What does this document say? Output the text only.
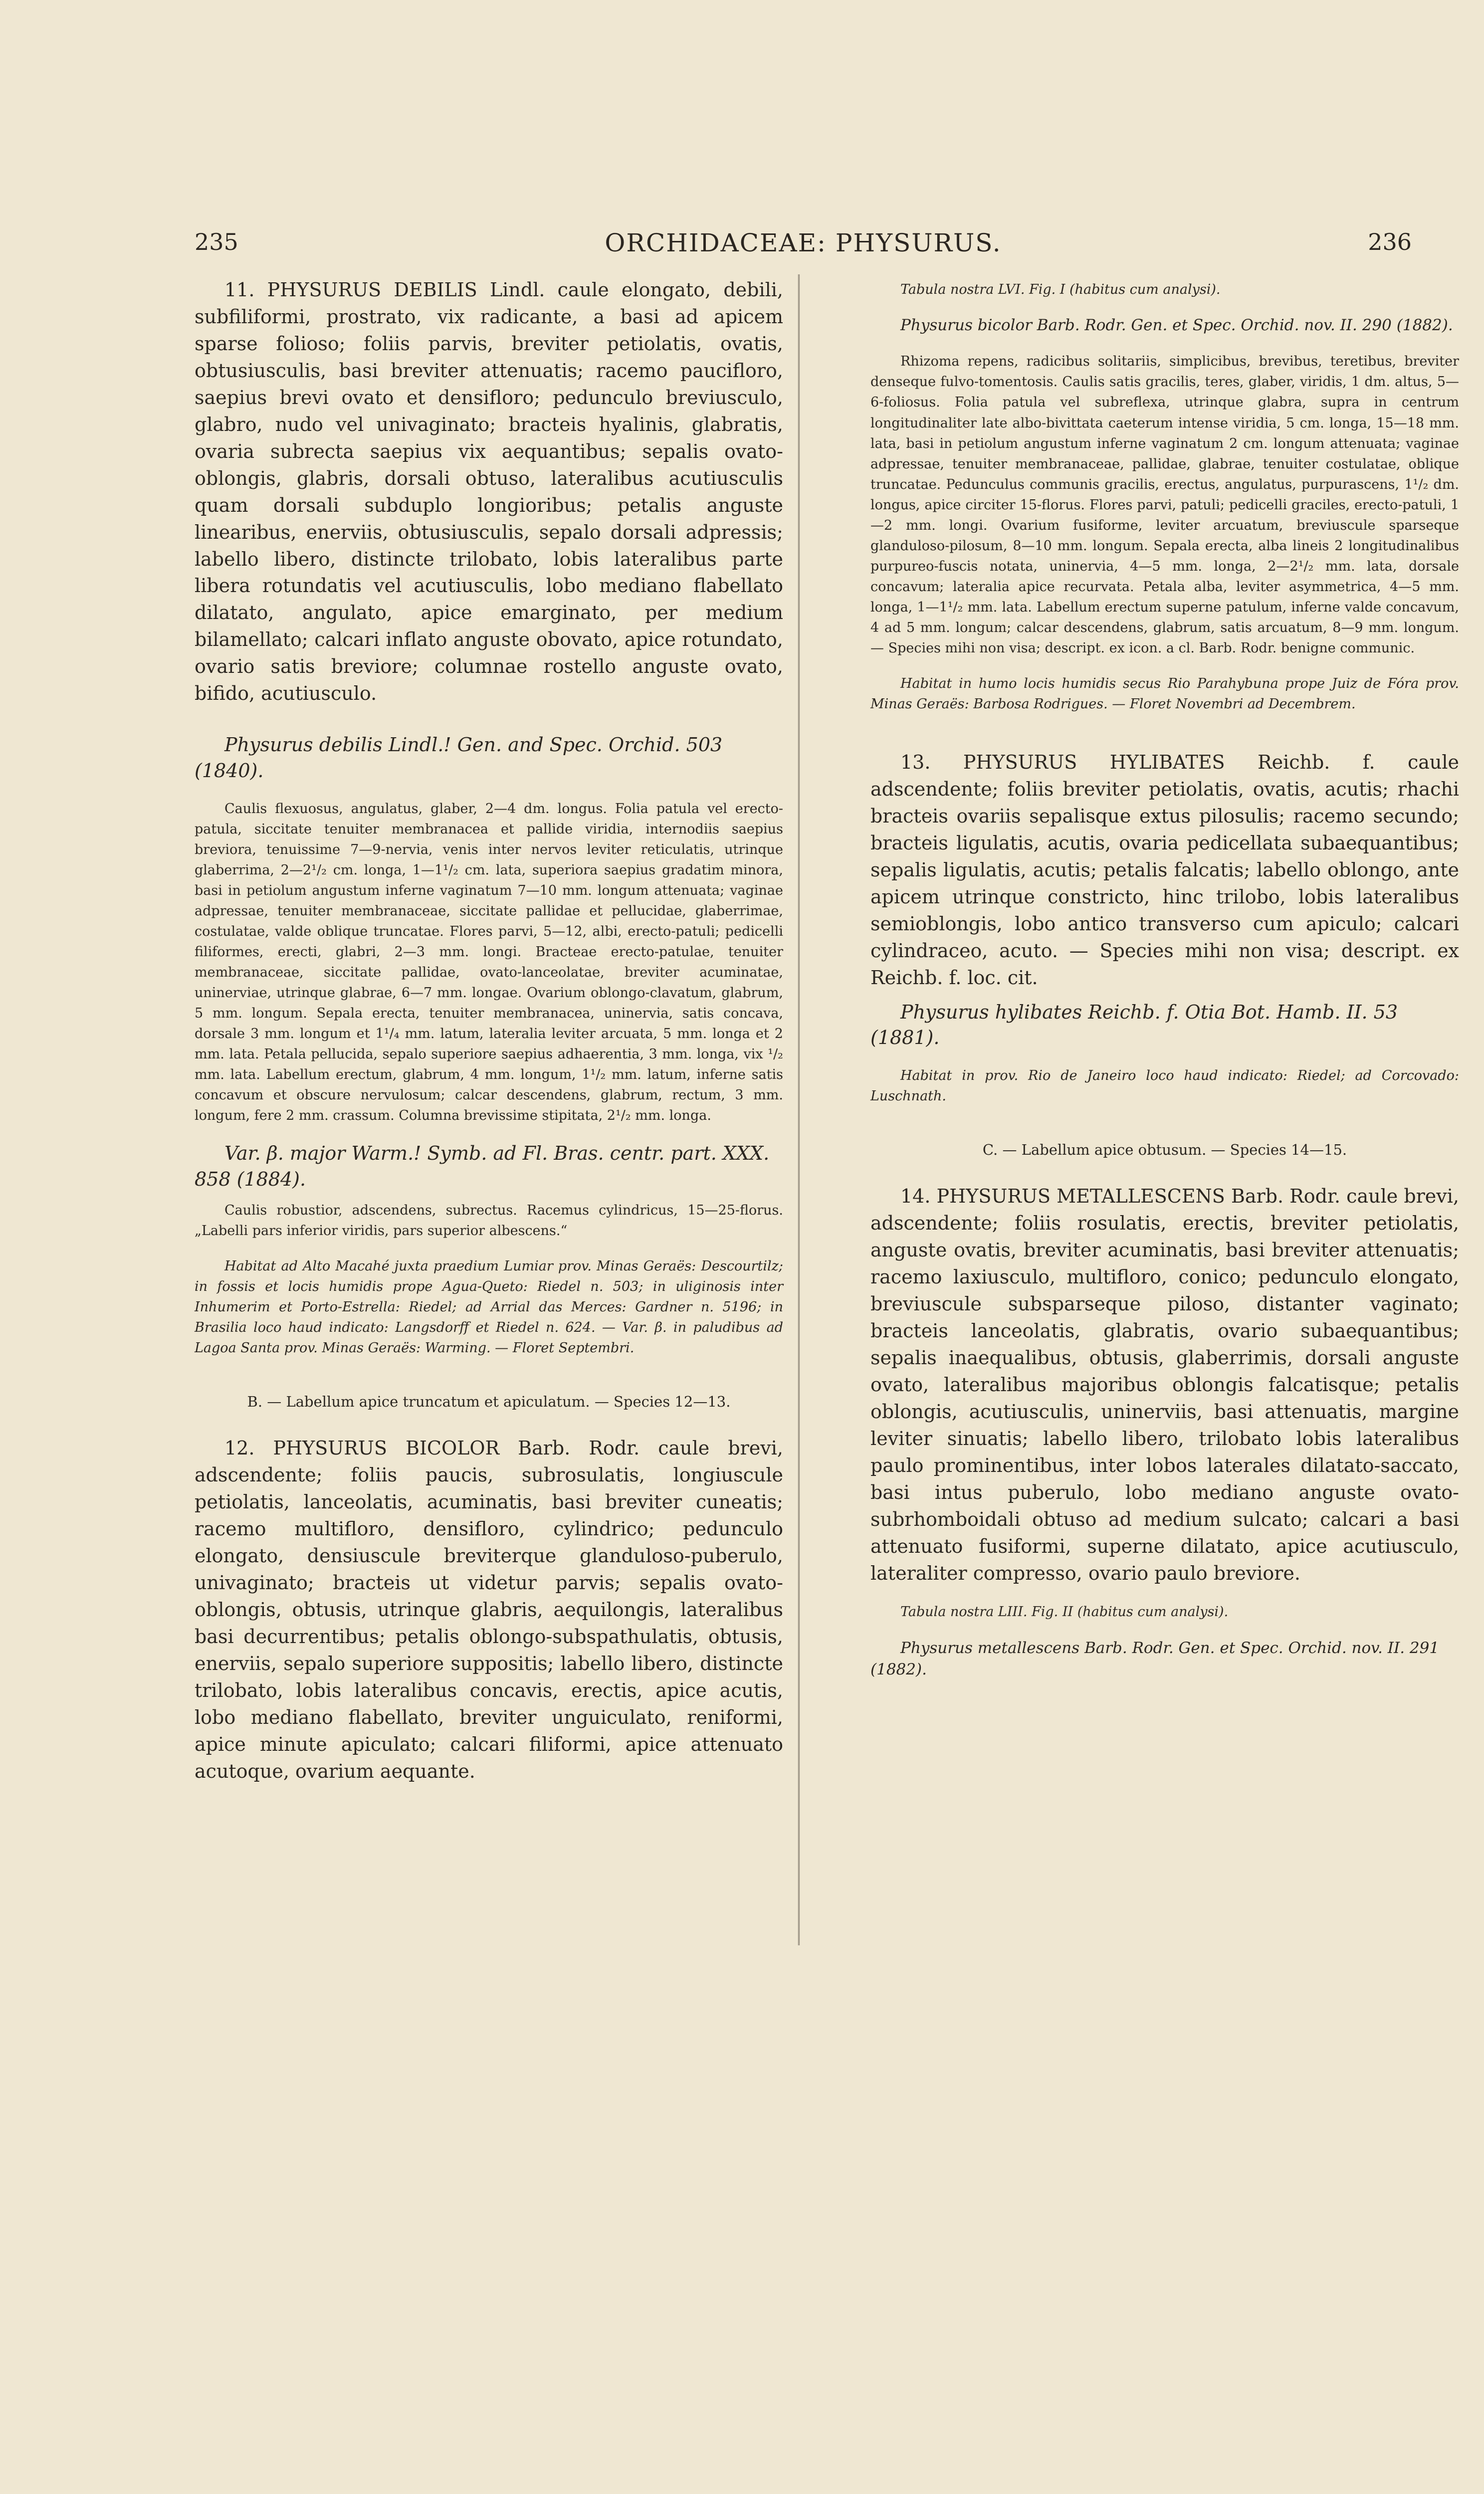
235	ORCHIDACEAE: PHYSURUS.	236

11. PHYSURUS DEBILIS Lindl. caule elongato, debili, subfiliformi, prostrato, vix radicante, a basi ad apicem sparse folioso; foliis parvis, breviter petiolatis, ovatis, obtusiusculis, basi breviter attenuatis; racemo paucifloro, saepius brevi ovato et densifloro; pedunculo breviusculo, glabro, nudo vel univaginato; bracteis hyalinis, glabratis, ovaria subrecta saepius vix aequantibus; sepalis ovato-oblongis, glabris, dorsali obtuso, lateralibus acutiusculis quam dorsali subduplo longioribus; petalis anguste linearibus, enerviis, obtusiusculis, sepalo dorsali adpressis; labello libero, distincte trilobato, lobis lateralibus parte libera rotundatis vel acutiusculis, lobo mediano flabellato dilatato, angulato, apice emarginato, per medium bilamellato; calcari inflato anguste obovato, apice rotundato, ovario satis breviore; columnae rostello anguste ovato, bifido, acutiusculo.

Physurus debilis Lindl.! Gen. and Spec. Orchid. 503 (1840).

Caulis flexuosus, angulatus, glaber, 2—4 dm. longus. Folia patula vel erecto-patula, siccitate tenuiter membranacea et pallide viridia, internodiis saepius breviora, tenuissime 7—9-nervia, venis inter nervos leviter reticulatis, utrinque glaberrima, 2—2¹/₂ cm. longa, 1—1¹/₂ cm. lata, superiora saepius gradatim minora, basi in petiolum angustum inferne vaginatum 7—10 mm. longum attenuata; vaginae adpressae, tenuiter membranaceae, siccitate pallidae et pellucidae, glaberrimae, costulatae, valde oblique truncatae. Flores parvi, 5—12, albi, erecto-patuli; pedicelli filiformes, erecti, glabri, 2—3 mm. longi. Bracteae erecto-patulae, tenuiter membranaceae, siccitate pallidae, ovato-lanceolatae, breviter acuminatae, uninerviae, utrinque glabrae, 6—7 mm. longae. Ovarium oblongo-clavatum, glabrum, 5 mm. longum. Sepala erecta, tenuiter membranacea, uninervia, satis concava, dorsale 3 mm. longum et 1¹/₄ mm. latum, lateralia leviter arcuata, 5 mm. longa et 2 mm. lata. Petala pellucida, sepalo superiore saepius adhaerentia, 3 mm. longa, vix ¹/₂ mm. lata. Labellum erectum, glabrum, 4 mm. longum, 1¹/₂ mm. latum, inferne satis concavum et obscure nervulosum; calcar descendens, glabrum, rectum, 3 mm. longum, fere 2 mm. crassum. Columna brevissime stipitata, 2¹/₂ mm. longa.

Var. β. major Warm.! Symb. ad Fl. Bras. centr. part. XXX. 858 (1884).

Caulis robustior, adscendens, subrectus. Racemus cylindricus, 15—25-florus. „Labelli pars inferior viridis, pars superior albescens.“

Habitat ad Alto Macahé juxta praedium Lumiar prov. Minas Geraës: Descourtilz; in fossis et locis humidis prope Agua-Queto: Riedel n. 503; in uliginosis inter Inhumerim et Porto-Estrella: Riedel; ad Arrial das Merces: Gardner n. 5196; in Brasilia loco haud indicato: Langsdorff et Riedel n. 624. — Var. β. in paludibus ad Lagoa Santa prov. Minas Geraës: Warming. — Floret Septembri.

B. — Labellum apice truncatum et apiculatum. — Species 12—13.

12. PHYSURUS BICOLOR Barb. Rodr. caule brevi, adscendente; foliis paucis, subrosulatis, longiuscule petiolatis, lanceolatis, acuminatis, basi breviter cuneatis; racemo multifloro, densifloro, cylindrico; pedunculo elongato, densiuscule breviterque glanduloso-puberulo, univaginato; bracteis ut videtur parvis; sepalis ovato-oblongis, obtusis, utrinque glabris, aequilongis, lateralibus basi decurrentibus; petalis oblongo-subspathulatis, obtusis, enerviis, sepalo superiore suppositis; labello libero, distincte trilobato, lobis lateralibus concavis, erectis, apice acutis, lobo mediano flabellato, breviter unguiculato, reniformi, apice minute apiculato; calcari filiformi, apice attenuato acutoque, ovarium aequante.

Tabula nostra LVI. Fig. I (habitus cum analysi).

Physurus bicolor Barb. Rodr. Gen. et Spec. Orchid. nov. II. 290 (1882).

Rhizoma repens, radicibus solitariis, simplicibus, brevibus, teretibus, breviter denseque fulvo-tomentosis. Caulis satis gracilis, teres, glaber, viridis, 1 dm. altus, 5—6-foliosus. Folia patula vel subreflexa, utrinque glabra, supra in centrum longitudinaliter late albo-bivittata caeterum intense viridia, 5 cm. longa, 15—18 mm. lata, basi in petiolum angustum inferne vaginatum 2 cm. longum attenuata; vaginae adpressae, tenuiter membranaceae, pallidae, glabrae, tenuiter costulatae, oblique truncatae. Pedunculus communis gracilis, erectus, angulatus, purpurascens, 1¹/₂ dm. longus, apice circiter 15-florus. Flores parvi, patuli; pedicelli graciles, erecto-patuli, 1—2 mm. longi. Ovarium fusiforme, leviter arcuatum, breviuscule sparseque glanduloso-pilosum, 8—10 mm. longum. Sepala erecta, alba lineis 2 longitudinalibus purpureo-fuscis notata, uninervia, 4—5 mm. longa, 2—2¹/₂ mm. lata, dorsale concavum; lateralia apice recurvata. Petala alba, leviter asymmetrica, 4—5 mm. longa, 1—1¹/₂ mm. lata. Labellum erectum superne patulum, inferne valde concavum, 4 ad 5 mm. longum; calcar descendens, glabrum, satis arcuatum, 8—9 mm. longum. — Species mihi non visa; descript. ex icon. a cl. Barb. Rodr. benigne communic.

Habitat in humo locis humidis secus Rio Parahybuna prope Juiz de Fóra prov. Minas Geraës: Barbosa Rodrigues. — Floret Novembri ad Decembrem.

13. PHYSURUS HYLIBATES Reichb. f. caule adscendente; foliis breviter petiolatis, ovatis, acutis; rhachi bracteis ovariis sepalisque extus pilosulis; racemo secundo; bracteis ligulatis, acutis, ovaria pedicellata subaequantibus; sepalis ligulatis, acutis; petalis falcatis; labello oblongo, ante apicem utrinque constricto, hinc trilobo, lobis lateralibus semioblongis, lobo antico transverso cum apiculo; calcari cylindraceo, acuto. — Species mihi non visa; descript. ex Reichb. f. loc. cit.

Physurus hylibates Reichb. f. Otia Bot. Hamb. II. 53 (1881).

Habitat in prov. Rio de Janeiro loco haud indicato: Riedel; ad Corcovado: Luschnath.

C. — Labellum apice obtusum. — Species 14—15.

14. PHYSURUS METALLESCENS Barb. Rodr. caule brevi, adscendente; foliis rosulatis, erectis, breviter petiolatis, anguste ovatis, breviter acuminatis, basi breviter attenuatis; racemo laxiusculo, multifloro, conico; pedunculo elongato, breviuscule subsparseque piloso, distanter vaginato; bracteis lanceolatis, glabratis, ovario subaequantibus; sepalis inaequalibus, obtusis, glaberrimis, dorsali anguste ovato, lateralibus majoribus oblongis falcatisque; petalis oblongis, acutiusculis, uninerviis, basi attenuatis, margine leviter sinuatis; labello libero, trilobato lobis lateralibus paulo prominentibus, inter lobos laterales dilatato-saccato, basi intus puberulo, lobo mediano anguste ovato-subrhomboidali obtuso ad medium sulcato; calcari a basi attenuato fusiformi, superne dilatato, apice acutiusculo, lateraliter compresso, ovario paulo breviore.

Tabula nostra LIII. Fig. II (habitus cum analysi).

Physurus metallescens Barb. Rodr. Gen. et Spec. Orchid. nov. II. 291 (1882).
